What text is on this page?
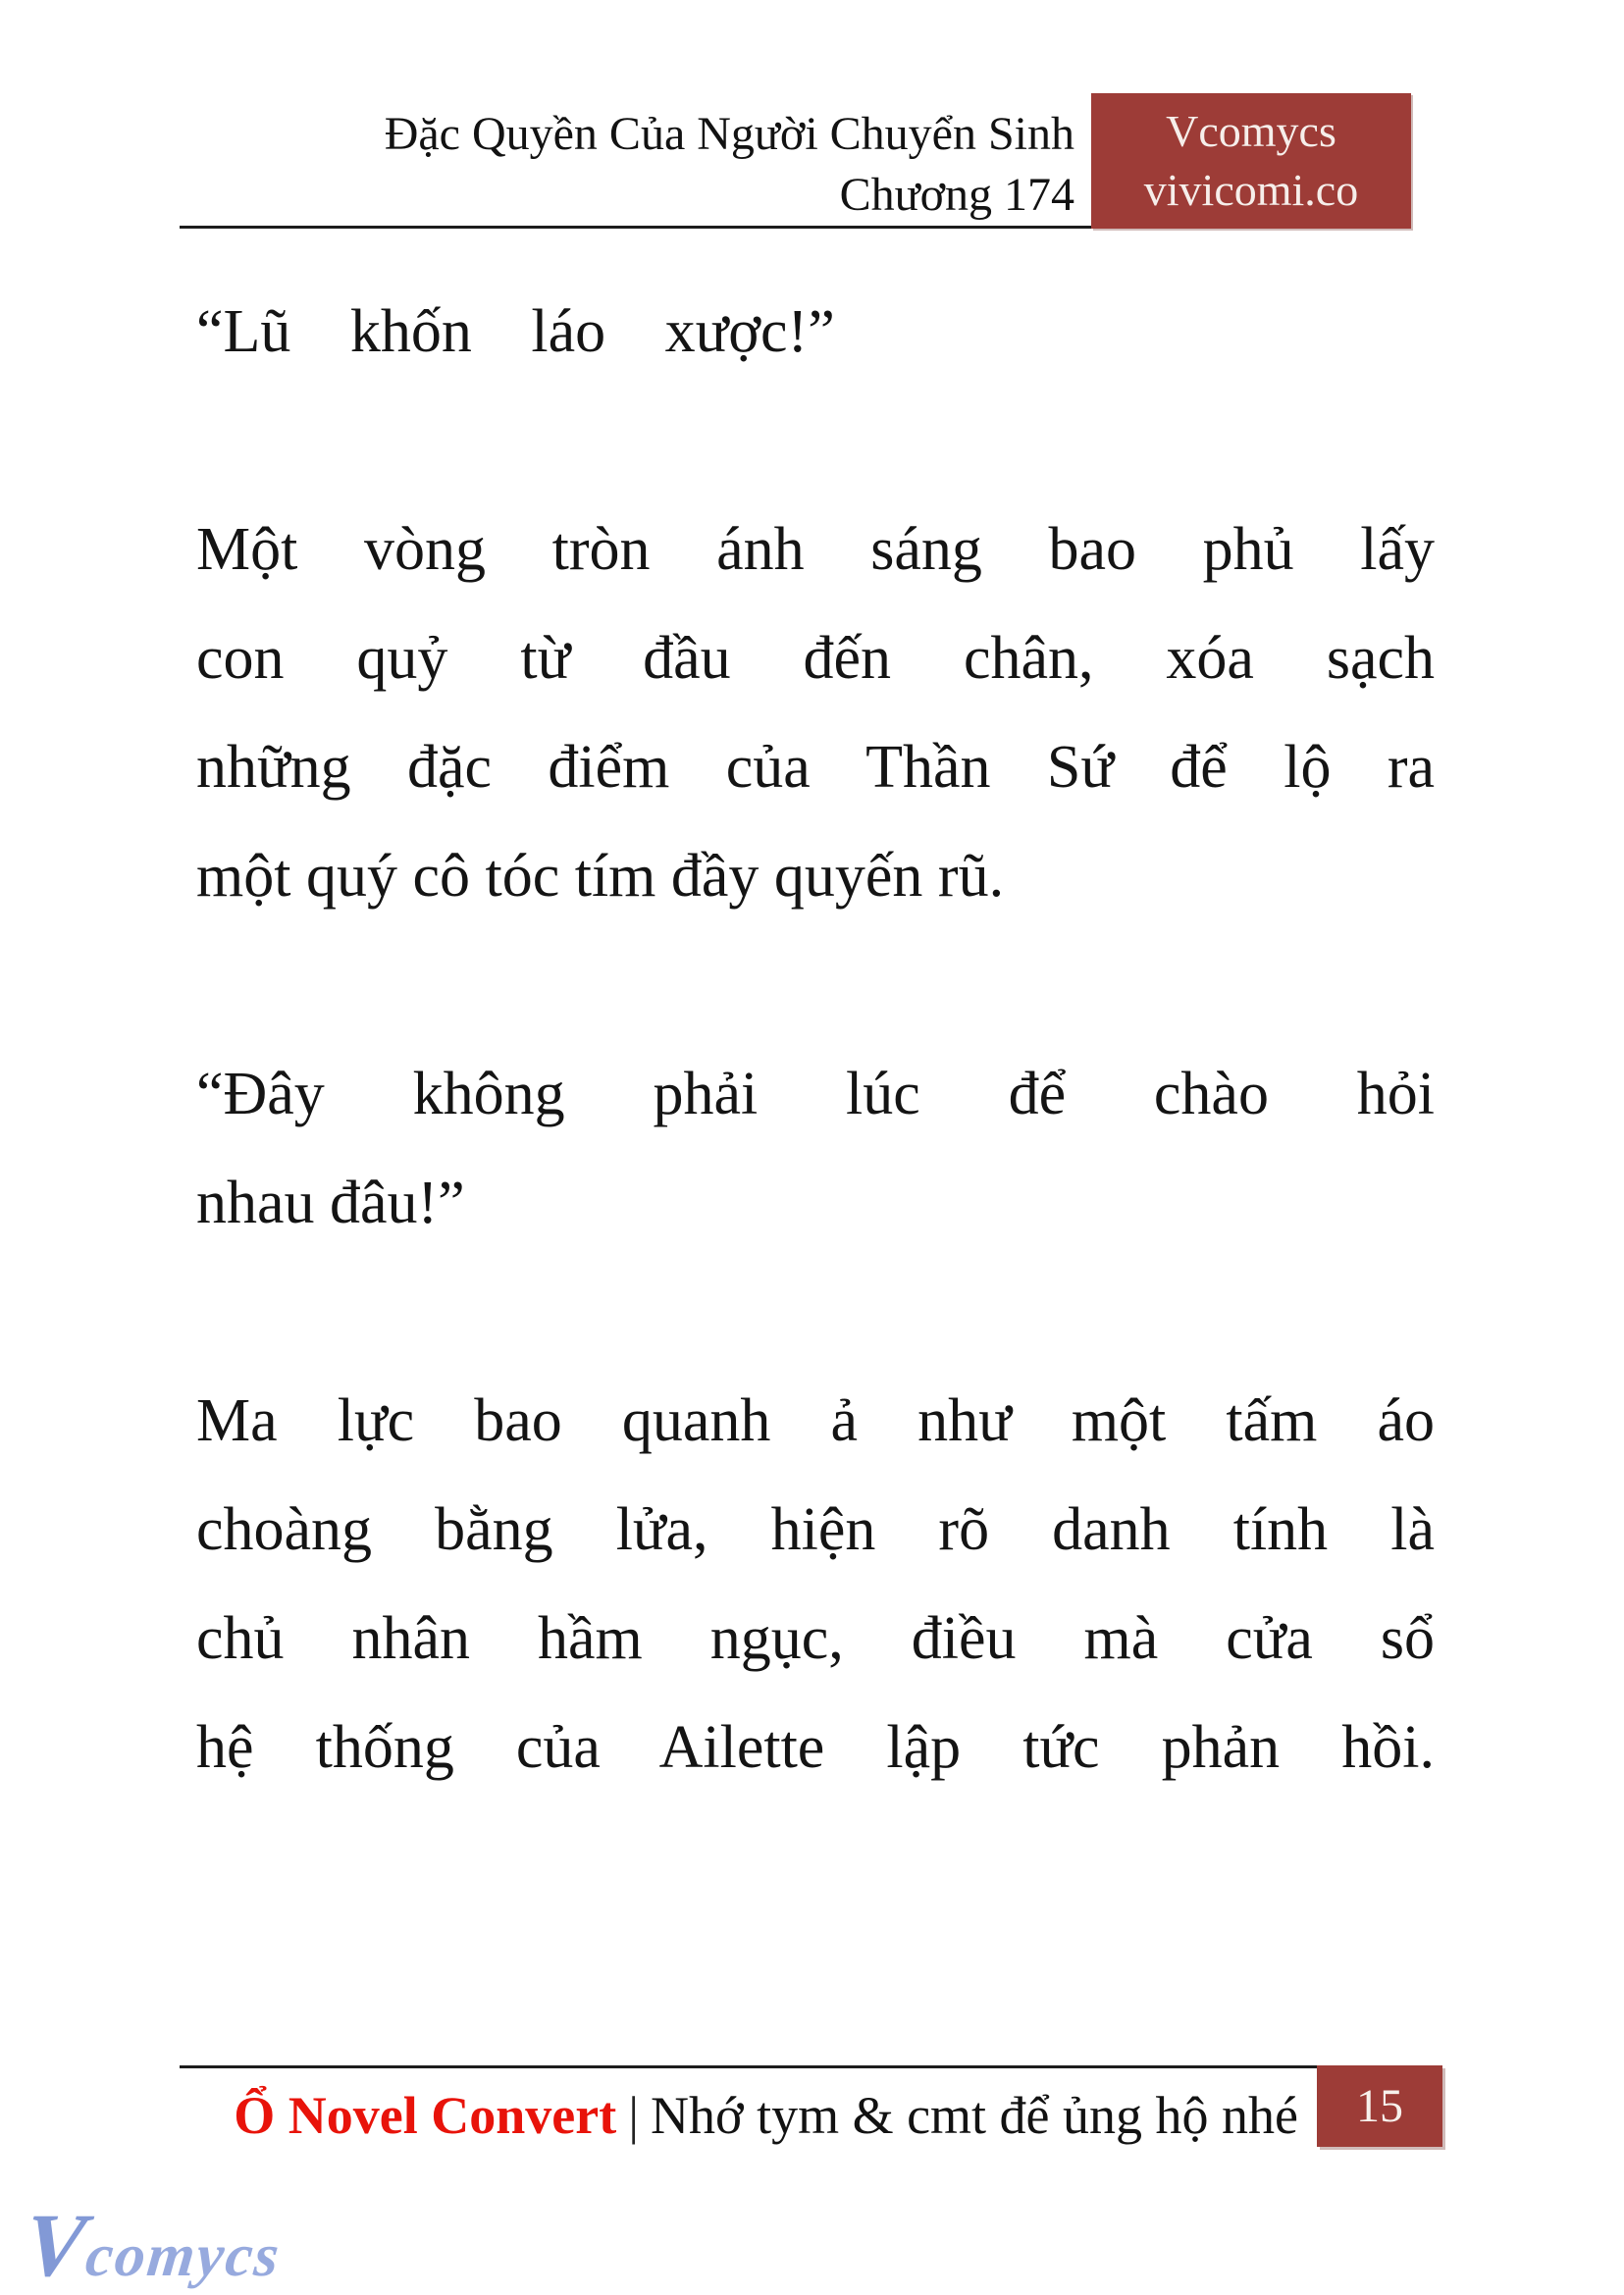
Đặc Quyền Của Người Chuyển Sinh
Chương 174
Vcomycs
vivicomi.co
“Lũ khốn láo xược!”
Một vòng tròn ánh sáng bao phủ lấy
con quỷ từ đầu đến chân, xóa sạch
những đặc điểm của Thần Sứ để lộ ra
một quý cô tóc tím đầy quyến rũ.
“Đây không phải lúc để chào hỏi
nhau đâu!”
Ma lực bao quanh ả như một tấm áo
choàng bằng lửa, hiện rõ danh tính là
chủ nhân hầm ngục, điều mà cửa sổ
hệ thống của Ailette lập tức phản hồi.
Ổ Novel Convert | Nhớ tym & cmt để ủng hộ nhé 15
Vcomycs
